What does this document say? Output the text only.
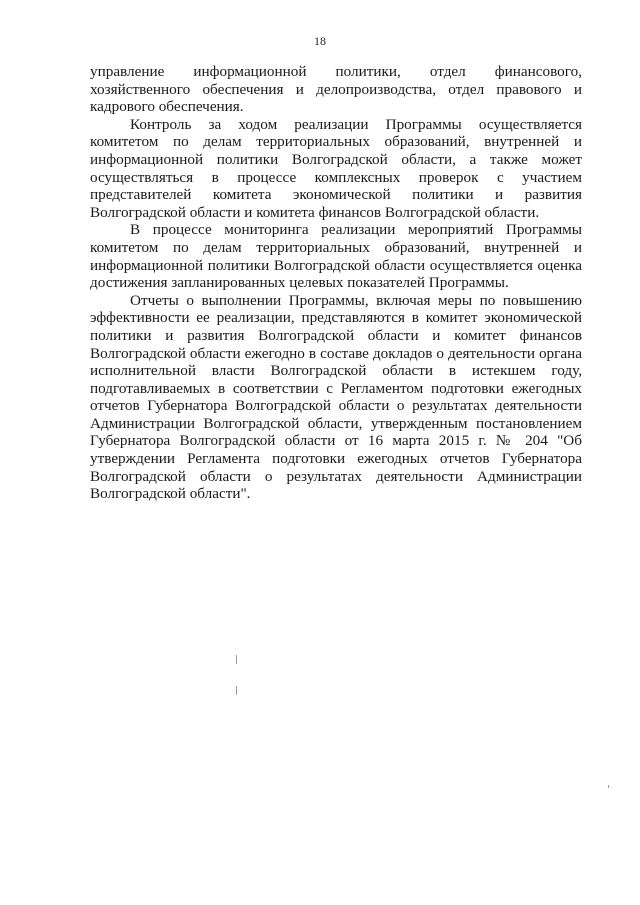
18

управление информационной политики, отдел финансового, хозяйственного обеспечения и делопроизводства, отдел правового и кадрового обеспечения.

Контроль за ходом реализации Программы осуществляется комитетом по делам территориальных образований, внутренней и информационной политики Волгоградской области, а также может осуществляться в процессе комплексных проверок с участием представителей комитета экономической политики и развития Волгоградской области и комитета финансов Волгоградской области.

В процессе мониторинга реализации мероприятий Программы комитетом по делам территориальных образований, внутренней и информационной политики Волгоградской области осуществляется оценка достижения запланированных целевых показателей Программы.

Отчеты о выполнении Программы, включая меры по повышению эффективности ее реализации, представляются в комитет экономической политики и развития Волгоградской области и комитет финансов Волгоградской области ежегодно в составе докладов о деятельности органа исполнительной власти Волгоградской области в истекшем году, подготавливаемых в соответствии с Регламентом подготовки ежегодных отчетов Губернатора Волгоградской области о результатах деятельности Администрации Волгоградской области, утвержденным постановлением Губернатора Волгоградской области от 16 марта 2015 г. № 204 "Об утверждении Регламента подготовки ежегодных отчетов Губернатора Волгоградской области о результатах деятельности Администрации Волгоградской области".
